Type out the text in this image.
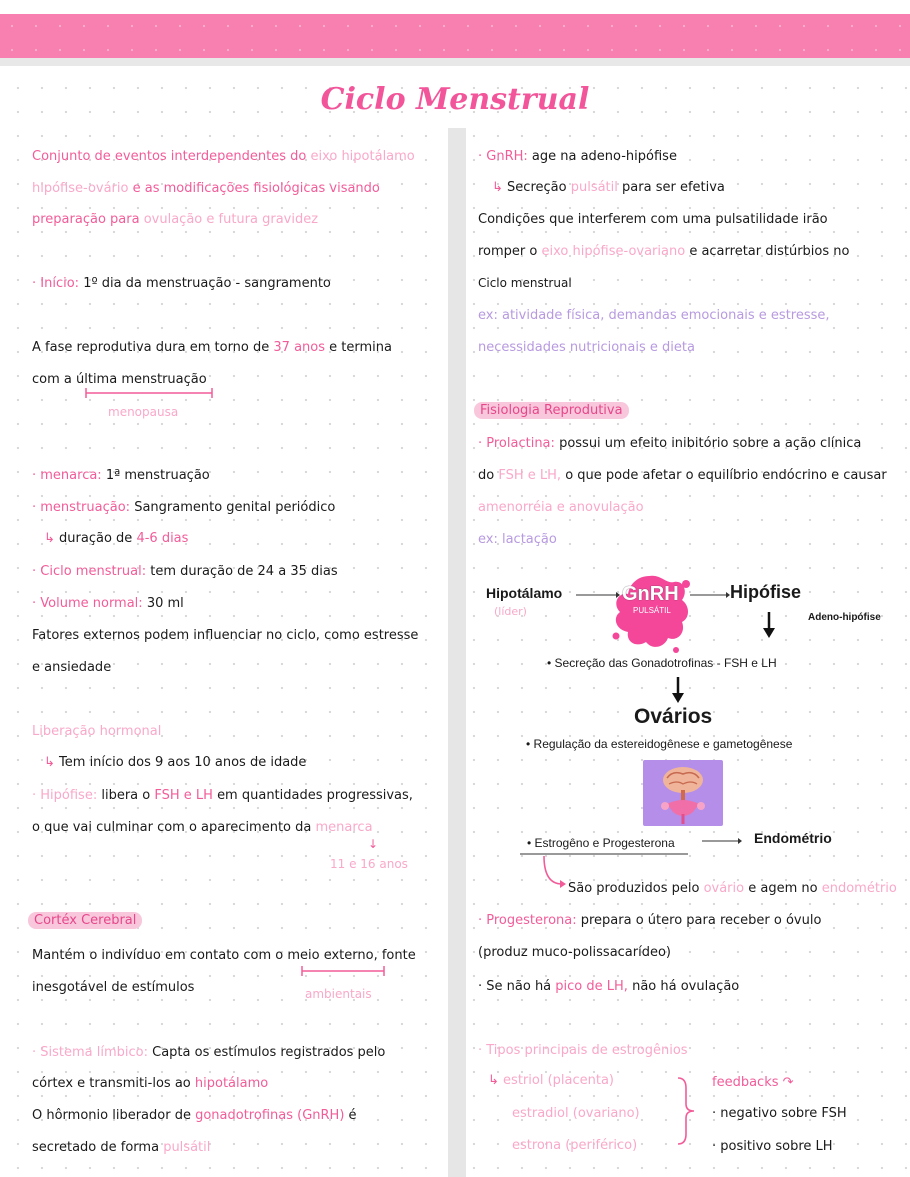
Ciclo Menstrual
Conjunto de eventos interdependentes do eixo hipotálamo
hipófise-ovário e as modificações fisiológicas visando
preparação para ovulação e futura gravidez
· Início: 1º dia da menstruação - sangramento
A fase reprodutiva dura em torno de 37 anos e termina
com a última menstruação
menopausa
· menarca: 1ª menstruação
· menstruação: Sangramento genital periódico
↳ duração de 4-6 dias
· Ciclo menstrual: tem duração de 24 a 35 dias
· Volume normal: 30 ml
Fatores externos podem influenciar no ciclo, como estresse
e ansiedade
Liberação hormonal
↳ Tem início dos 9 aos 10 anos de idade
· Hipófise: libera o FSH e LH em quantidades progressivas,
o que vai culminar com o aparecimento da menarca
↓
11 e 16 anos
Cortéx Cerebral
Mantém o indivíduo em contato com o meio externo, fonte
inesgotável de estímulos	ambientais
· Sistema límbico: Capta os estímulos registrados pelo
córtex e transmiti-los ao hipotálamo
O hôrmonio liberador de gonadotrofinas (GnRH) é
secretado de forma pulsátil
· GnRH: age na adeno-hipófise
↳ Secreção pulsátil para ser efetiva
Condições que interferem com uma pulsatilidade irão
romper o eixo hipófise-ovariano e acarretar distúrbios no
Ciclo menstrual
ex: atividade física, demandas emocionais e estresse,
necessidades nutricionais e dieta
Fisiologia Reprodutiva
· Prolactina: possui um efeito inibitório sobre a ação clínica
do FSH e LH, o que pode afetar o equilíbrio endócrino e causar
amenorréia e anovulação
ex: lactação
Hipotálamo
(líder)
GnRH
PULSÁTIL
Hipófise
Adeno-hipófise
• Secreção das Gonadotrofinas - FSH e LH
Ovários
• Regulação da estereidogênese e gametogênese
• Estrogêno e Progesterona	Endométrio
São produzidos pelo ovário e agem no endométrio
· Progesterona: prepara o útero para receber o óvulo
(produz muco-polissacarídeo)
· Se não há pico de LH, não há ovulação
· Tipos principais de estrogênios
↳ estriol (placenta)
estradiol (ovariano)
estrona (periférico)
feedbacks ↷
· negativo sobre FSH
· positivo sobre LH
